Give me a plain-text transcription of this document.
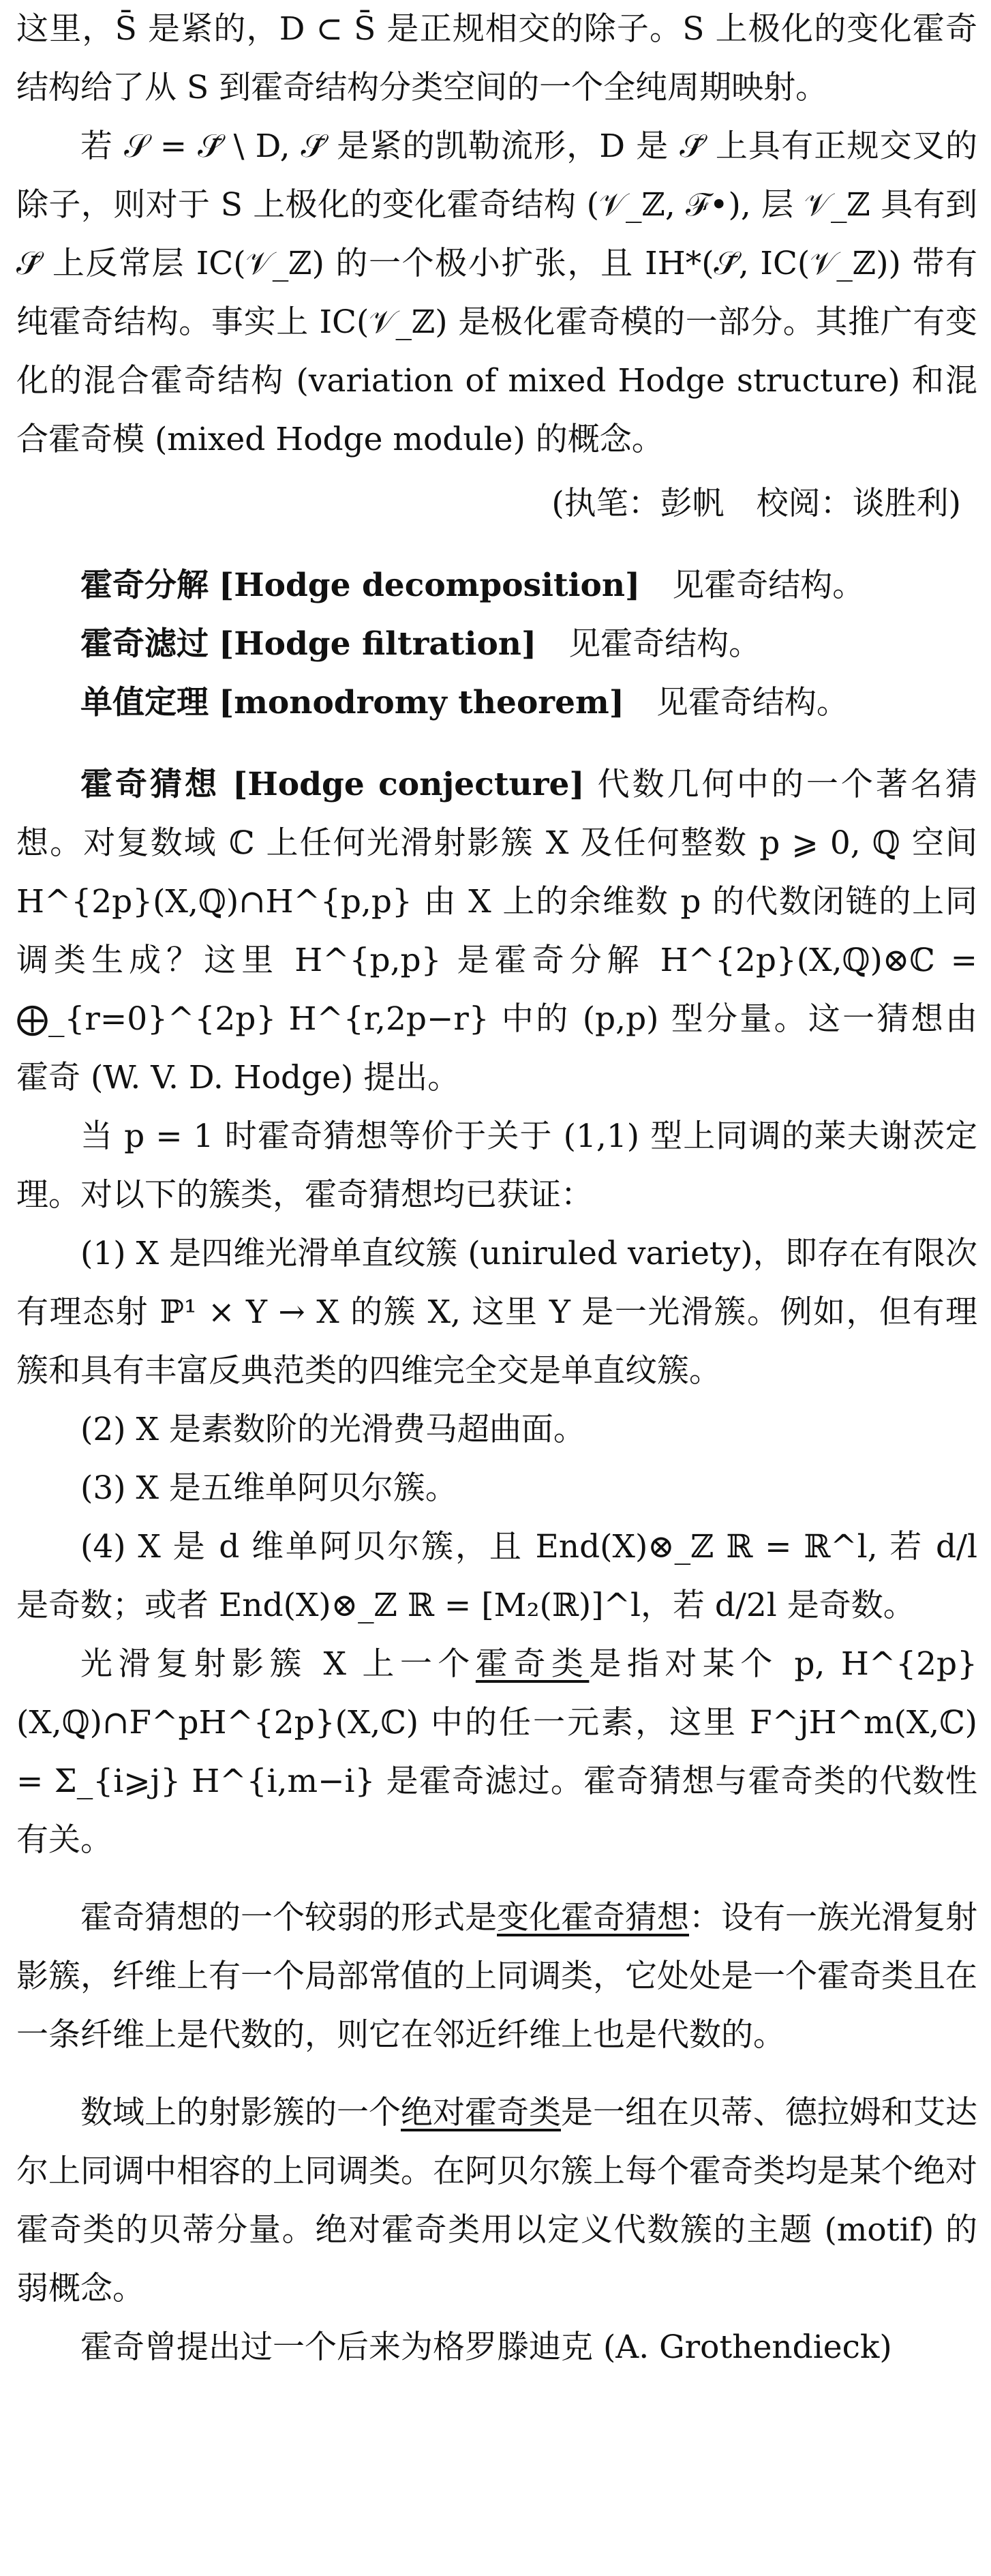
这里，S̄ 是紧的，D ⊂ S̄ 是正规相交的除子。S 上极化的变化霍奇结构给了从 S 到霍奇结构分类空间的一个全纯周期映射。

若 𝒮 = 𝒮̄ \ D, 𝒮̄ 是紧的凯勒流形，D 是 𝒮̄ 上具有正规交叉的除子，则对于 S 上极化的变化霍奇结构 (𝒱_ℤ, ℱ•), 层 𝒱_ℤ 具有到 𝒮̄ 上反常层 IC(𝒱_ℤ) 的一个极小扩张，且 IH*(𝒮̄, IC(𝒱_ℤ)) 带有纯霍奇结构。事实上 IC(𝒱_ℤ) 是极化霍奇模的一部分。其推广有变化的混合霍奇结构 (variation of mixed Hodge structure) 和混合霍奇模 (mixed Hodge module) 的概念。

(执笔：彭帆　校阅：谈胜利)

霍奇分解 [Hodge decomposition] 见霍奇结构。
霍奇滤过 [Hodge filtration] 见霍奇结构。
单值定理 [monodromy theorem] 见霍奇结构。

霍奇猜想 [Hodge conjecture] 代数几何中的一个著名猜想。对复数域 ℂ 上任何光滑射影簇 X 及任何整数 p ⩾ 0, ℚ 空间 H^{2p}(X,ℚ)∩H^{p,p} 由 X 上的余维数 p 的代数闭链的上同调类生成？这里 H^{p,p} 是霍奇分解 H^{2p}(X,ℚ)⊗ℂ = ⨁_{r=0}^{2p} H^{r,2p−r} 中的 (p,p) 型分量。这一猜想由霍奇 (W. V. D. Hodge) 提出。

当 p = 1 时霍奇猜想等价于关于 (1,1) 型上同调的莱夫谢茨定理。对以下的簇类，霍奇猜想均已获证：

(1) X 是四维光滑单直纹簇 (uniruled variety)，即存在有限次有理态射 ℙ¹ × Y → X 的簇 X, 这里 Y 是一光滑簇。例如，但有理簇和具有丰富反典范类的四维完全交是单直纹簇。

(2) X 是素数阶的光滑费马超曲面。

(3) X 是五维单阿贝尔簇。

(4) X 是 d 维单阿贝尔簇，且 End(X)⊗_ℤ ℝ = ℝ^l, 若 d/l 是奇数；或者 End(X)⊗_ℤ ℝ = [M₂(ℝ)]^l，若 d/2l 是奇数。

光滑复射影簇 X 上一个霍奇类是指对某个 p, H^{2p}(X,ℚ)∩F^pH^{2p}(X,ℂ) 中的任一元素，这里 F^jH^m(X,ℂ) = Σ_{i⩾j} H^{i,m−i} 是霍奇滤过。霍奇猜想与霍奇类的代数性有关。

霍奇猜想的一个较弱的形式是变化霍奇猜想：设有一族光滑复射影簇，纤维上有一个局部常值的上同调类，它处处是一个霍奇类且在一条纤维上是代数的，则它在邻近纤维上也是代数的。

数域上的射影簇的一个绝对霍奇类是一组在贝蒂、德拉姆和艾达尔上同调中相容的上同调类。在阿贝尔簇上每个霍奇类均是某个绝对霍奇类的贝蒂分量。绝对霍奇类用以定义代数簇的主题 (motif) 的弱概念。

霍奇曾提出过一个后来为格罗滕迪克 (A. Grothendieck)
